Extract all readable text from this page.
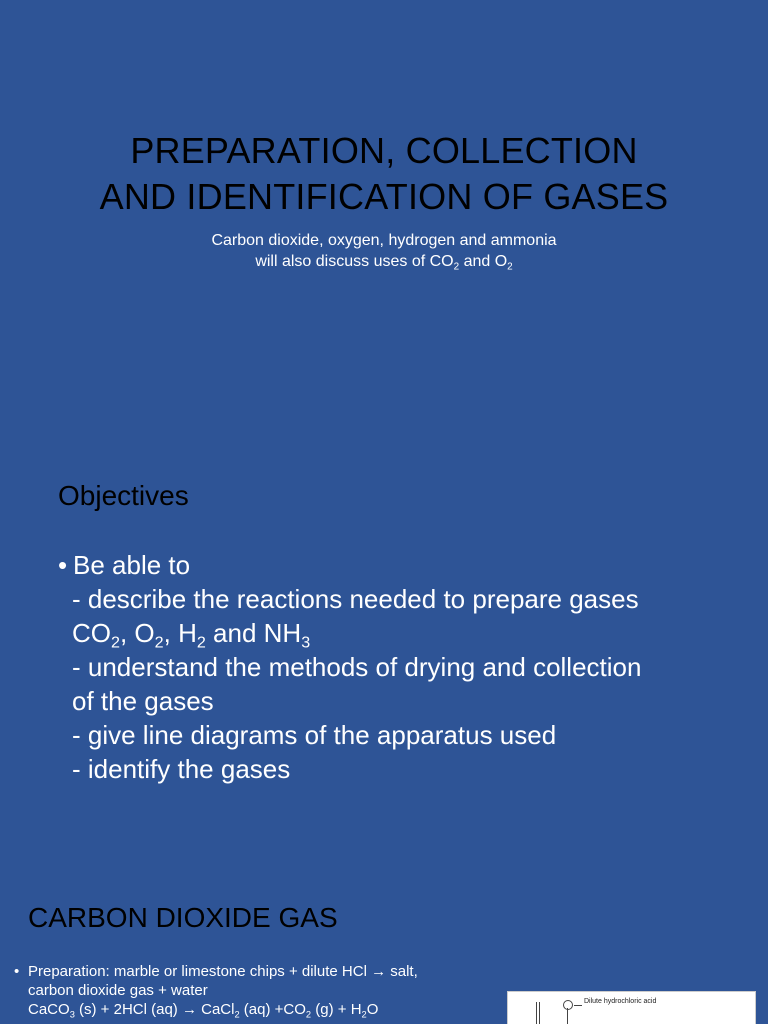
PREPARATION, COLLECTION
AND IDENTIFICATION OF GASES
Carbon dioxide, oxygen, hydrogen and ammonia
will also discuss uses of $CO_2$ and $O_2$
Objectives
• Be able to
- describe the reactions needed to prepare gases
$CO_2$, $O_2$, $H_2$ and $NH_3$
- understand the methods of drying and collection
of the gases
- give line diagrams of the apparatus used
- identify the gases
CARBON DIOXIDE GAS
• Preparation: marble or limestone chips + dilute HCl → salt,
carbon dioxide gas + water
CaCO$_3$ (s) + 2HCl (aq) → CaCl$_2$ $(aq) +CO_2$ $(g) + H_2O$	Dilute hydrochloric acid
